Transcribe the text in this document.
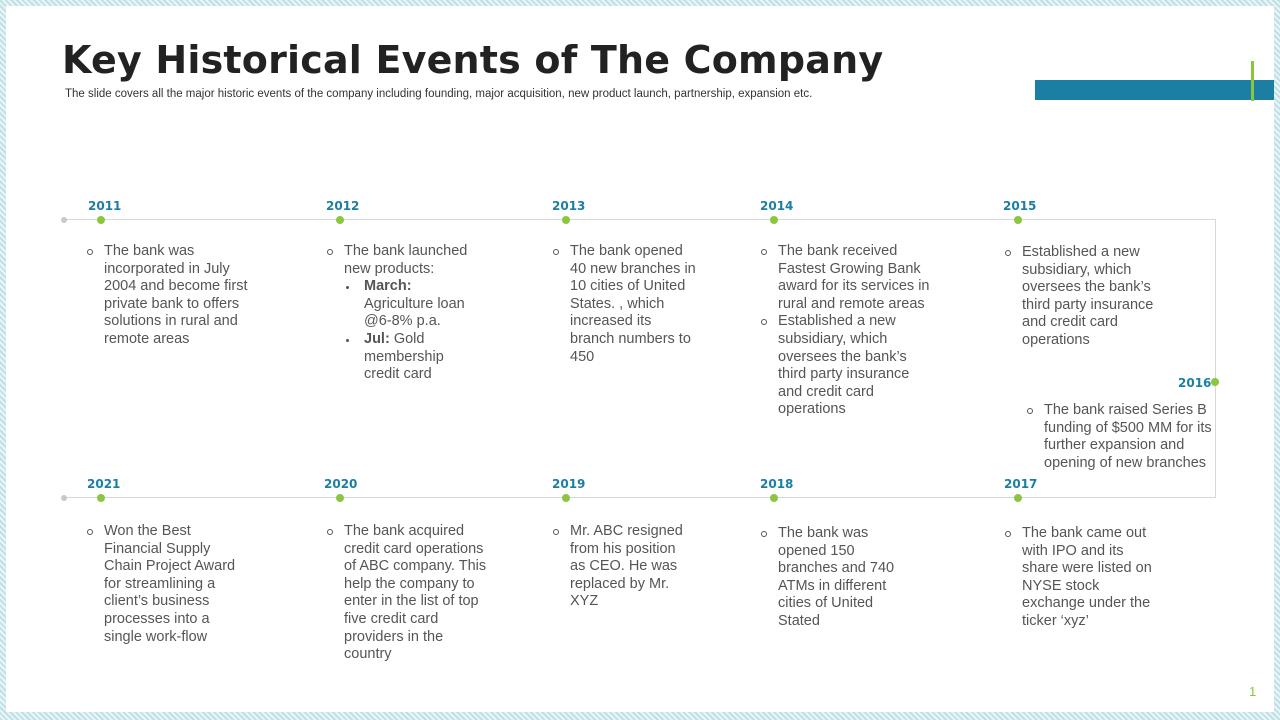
Key Historical Events of The Company
The slide covers all the major historic events of the company including founding, major acquisition, new product launch, partnership, expansion etc.
2011	2012	2013	2014	2015
2016
2021	2020	2019	2018	2017
The bank was incorporated in July 2004 and become first private bank to offers solutions in rural and remote areas
The bank launched new products:
March:
Agriculture loan @6-8% p.a.
Jul: Gold membership credit card
The bank opened 40 new branches in 10 cities of United States. , which increased its branch numbers to 450
The bank received Fastest Growing Bank award for its services in rural and remote areas
Established a new subsidiary, which oversees the bank’s third party insurance and credit card operations
Established a new subsidiary, which oversees the bank’s third party insurance and credit card operations
The bank raised Series B funding of $500 MM for its further expansion and opening of new branches
Won the Best Financial Supply Chain Project Award for streamlining a client’s business processes into a single work-flow
The bank acquired credit card operations of ABC company. This help the company to enter in the list of top five credit card providers in the country
Mr. ABC resigned from his position as CEO. He was replaced by Mr. XYZ
The bank was opened 150 branches and 740 ATMs in different cities of United Stated
The bank came out with IPO and its share were listed on NYSE stock exchange under the ticker ‘xyz’
1
